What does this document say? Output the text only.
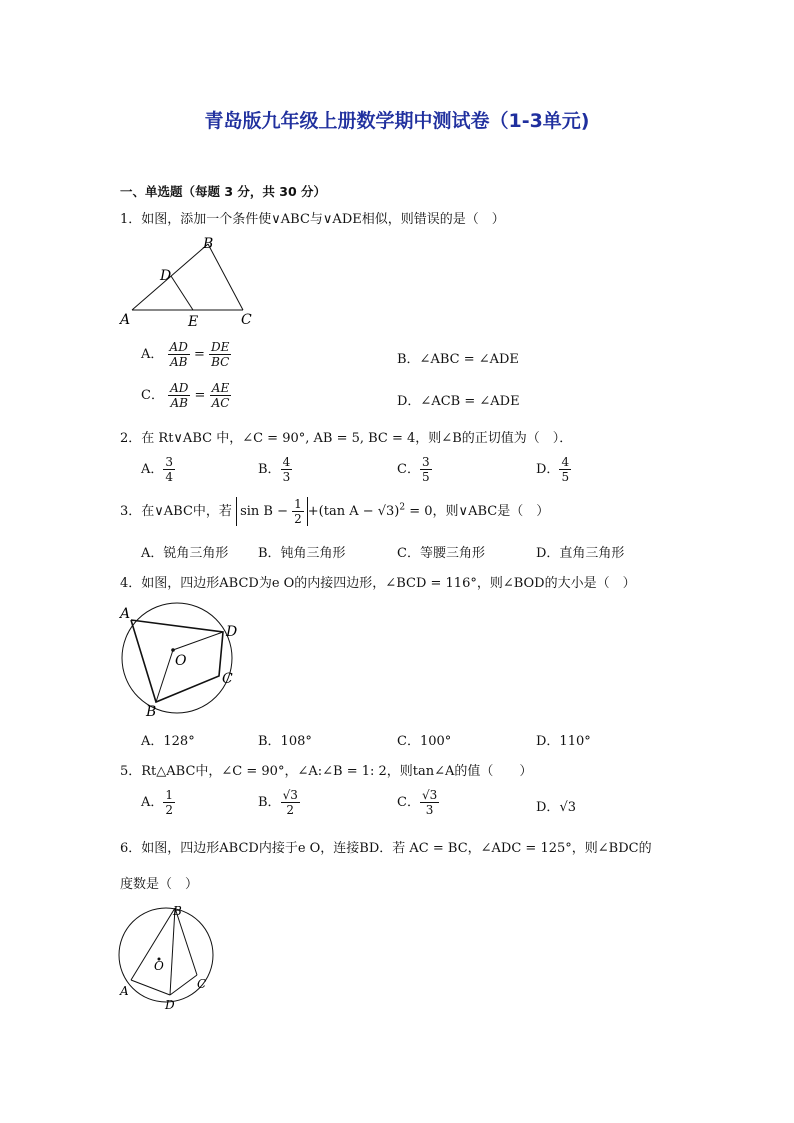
青岛版九年级上册数学期中测试卷（1-3单元)
一、单选题（每题 3 分，共 30 分）
1．如图，添加一个条件使∨ABC与∨ADE相似，则错误的是（　）
B
D
A	E	C
A． $\frac{AD}{AB} = \frac{DE}{BC}$	B．∠ABC = ∠ADE
C． $\frac{AD}{AB} = \frac{AE}{AC}$	D．∠ACB = ∠ADE
2．在 Rt∨ABC 中，∠C = 90°, AB = 5, BC = 4，则∠B的正切值为（　）．
A． $\frac{3}{4}$	B． $\frac{4}{3}$	C． $\frac{3}{5}$	D． $\frac{4}{5}$
3．在∨ABC中，若 $\sin B - \frac{1}{2} +(\tan$ A − √3)$^2$ = 0，则∨ABC是（　）
A．锐角三角形 B．钝角三角形	C．等腰三角形	D．直角三角形
4．如图，四边形ABCD为e O的内接四边形，∠BCD = 116°，则∠BOD的大小是（　）
A
D
O
C
B
A．128°	B．108°	C．100°	D．110°
5．Rt△ABC中，∠C = 90°，∠A:∠B = 1: 2，则tan∠A的值（　　）
A． $\frac{1}{2}$	B． $\frac{√3}{2}$	C． $\frac{√3}{3}$	D．√3
6．如图，四边形ABCD内接于e O，连接BD．若 AC = BC，∠ADC = 125°，则∠BDC的
度数是（　）
B
O
A	C
D
